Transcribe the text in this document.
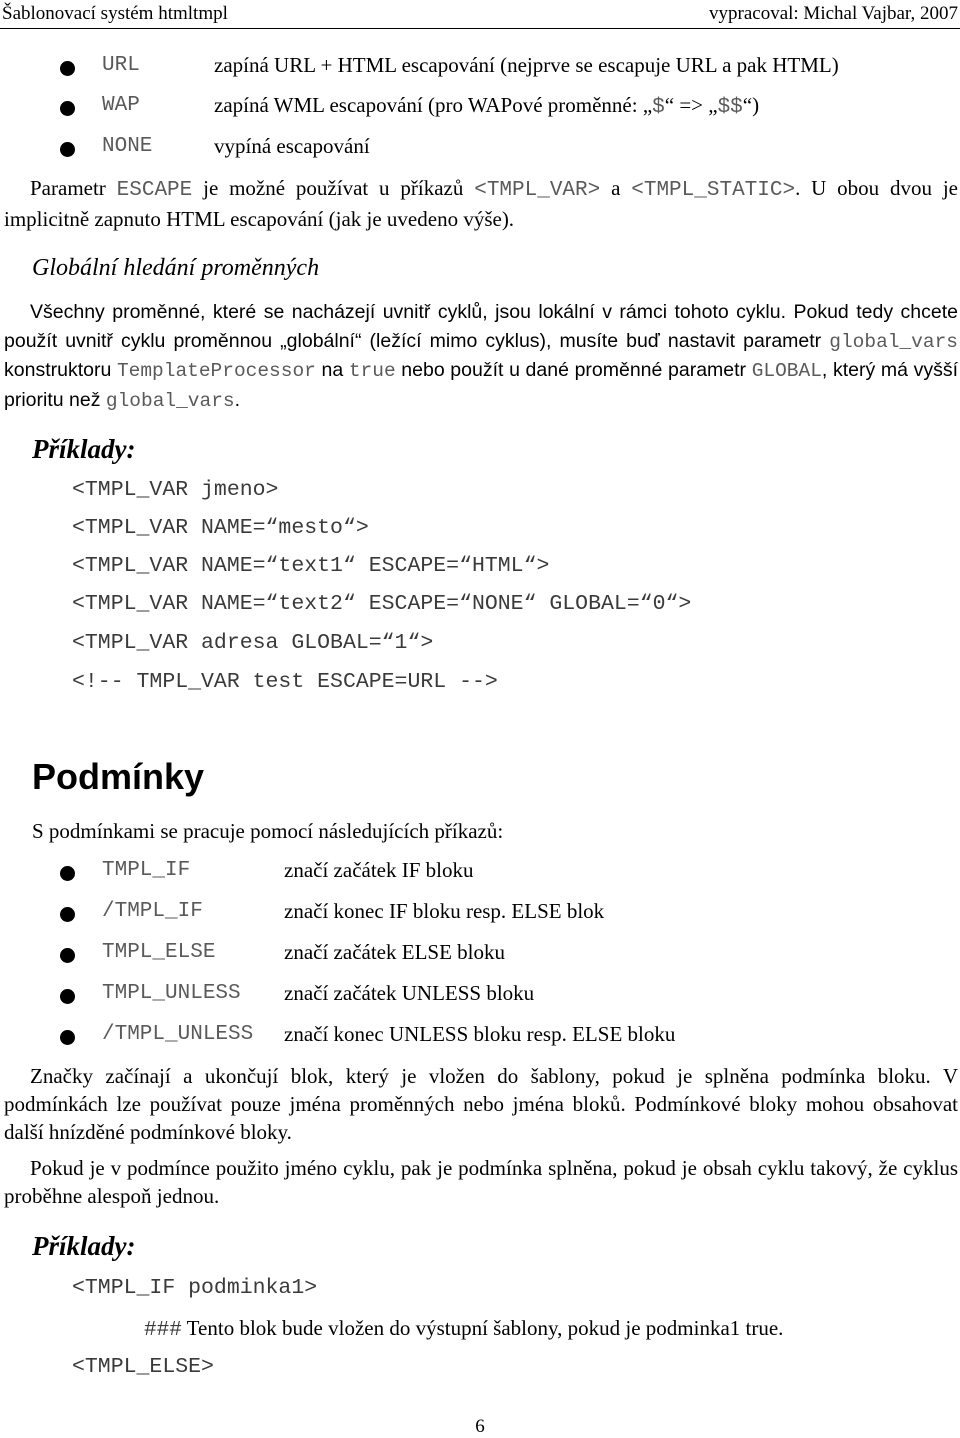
Šablonovací systém htmltmpl	vypracoval: Michal Vajbar, 2007
URL	zapíná URL + HTML escapování (nejprve se escapuje URL a pak HTML)
WAP	zapíná WML escapování (pro WAPové proměnné: „$“ => „$$“)
NONE	vypíná escapování
Parametr ESCAPE je možné používat u příkazů <TMPL_VAR> a <TMPL_STATIC>. U obou dvou je implicitně zapnuto HTML escapování (jak je uvedeno výše).
Globální hledání proměnných
Všechny proměnné, které se nacházejí uvnitř cyklů, jsou lokální v rámci tohoto cyklu. Pokud tedy chcete použít uvnitř cyklu proměnnou „globální“ (ležící mimo cyklus), musíte buď nastavit parametr global_vars konstruktoru TemplateProcessor na true nebo použít u dané proměnné parametr GLOBAL, který má vyšší prioritu než global_vars.
Příklady:
<TMPL_VAR jmeno>
<TMPL_VAR NAME=“mesto“>
<TMPL_VAR NAME=“text1“ ESCAPE=“HTML“>
<TMPL_VAR NAME=“text2“ ESCAPE=“NONE“ GLOBAL=“0“>
<TMPL_VAR adresa GLOBAL=“1“>
<!-- TMPL_VAR test ESCAPE=URL -->
Podmínky
S podmínkami se pracuje pomocí následujících příkazů:
TMPL_IF	značí začátek IF bloku
/TMPL_IF	značí konec IF bloku resp. ELSE blok
TMPL_ELSE	značí začátek ELSE bloku
TMPL_UNLESS značí začátek UNLESS bloku
/TMPL_UNLESS značí konec UNLESS bloku resp. ELSE bloku
Značky začínají a ukončují blok, který je vložen do šablony, pokud je splněna podmínka bloku. V podmínkách lze používat pouze jména proměnných nebo jména bloků. Podmínkové bloky mohou obsahovat další hnízděné podmínkové bloky.
Pokud je v podmínce použito jméno cyklu, pak je podmínka splněna, pokud je obsah cyklu takový, že cyklus proběhne alespoň jednou.
Příklady:
<TMPL_IF podminka1>
### Tento blok bude vložen do výstupní šablony, pokud je podminka1 true.
<TMPL_ELSE>
6
